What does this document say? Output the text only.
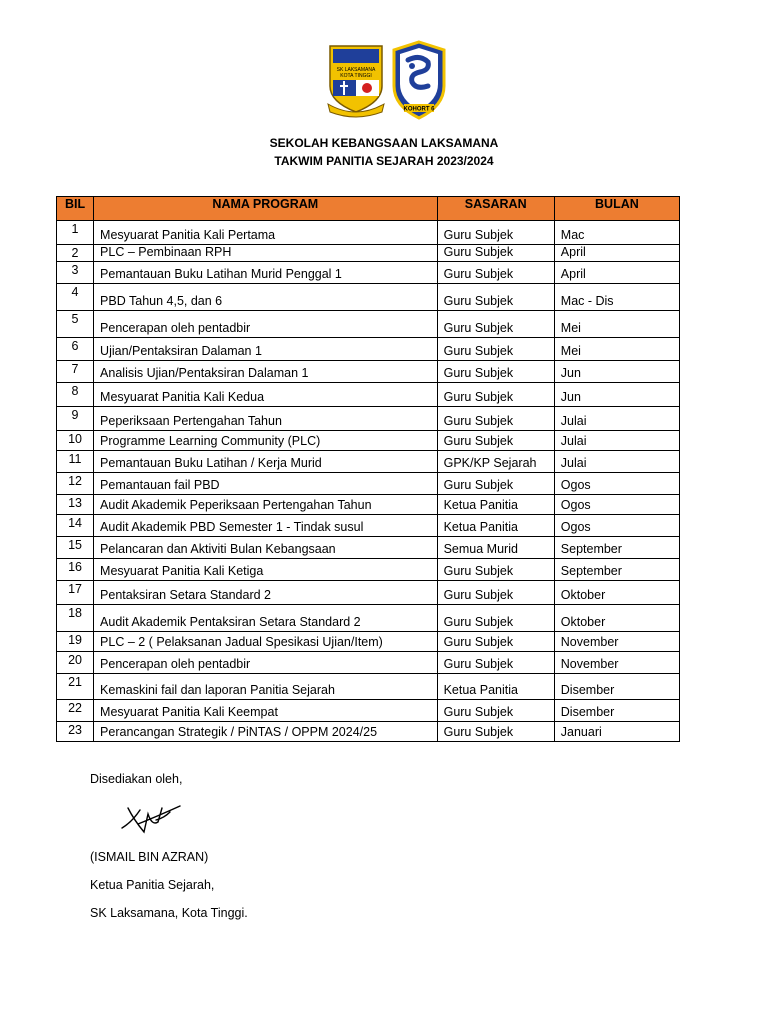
SK LAKSAMANA
KOTA TINGGI
KOHORT 6
SEKOLAH KEBANGSAAN LAKSAMANA
TAKWIM PANITIA SEJARAH 2023/2024
BIL	NAMA PROGRAM	SASARAN	BULAN
1	Mesyuarat Panitia Kali Pertama	Guru Subjek	Mac
2	PLC – Pembinaan RPH	Guru Subjek	April
3	Pemantauan Buku Latihan Murid Penggal 1	Guru Subjek	April
4	PBD Tahun 4,5, dan 6	Guru Subjek	Mac - Dis
5	Pencerapan oleh pentadbir	Guru Subjek	Mei
6	Ujian/Pentaksiran Dalaman 1	Guru Subjek	Mei
7	Analisis Ujian/Pentaksiran Dalaman 1	Guru Subjek	Jun
8	Mesyuarat Panitia Kali Kedua	Guru Subjek	Jun
9	Peperiksaan Pertengahan Tahun	Guru Subjek	Julai
10	Programme Learning Community (PLC)	Guru Subjek	Julai
11	Pemantauan Buku Latihan / Kerja Murid	GPK/KP Sejarah	Julai
12	Pemantauan fail PBD	Guru Subjek	Ogos
13	Audit Akademik Peperiksaan Pertengahan Tahun	Ketua Panitia	Ogos
14	Audit Akademik PBD Semester 1 - Tindak susul	Ketua Panitia	Ogos
15	Pelancaran dan Aktiviti Bulan Kebangsaan	Semua Murid	September
16	Mesyuarat Panitia Kali Ketiga	Guru Subjek	September
17	Pentaksiran Setara Standard 2	Guru Subjek	Oktober
18	Audit Akademik Pentaksiran Setara Standard 2	Guru Subjek	Oktober
19	PLC – 2 ( Pelaksanan Jadual Spesikasi Ujian/Item)	Guru Subjek	November
20	Pencerapan oleh pentadbir	Guru Subjek	November
21	Kemaskini fail dan laporan Panitia Sejarah	Ketua Panitia	Disember
22	Mesyuarat Panitia Kali Keempat	Guru Subjek	Disember
23	Perancangan Strategik / PiNTAS / OPPM 2024/25	Guru Subjek	Januari
Disediakan oleh,
(ISMAIL BIN AZRAN)
Ketua Panitia Sejarah,
SK Laksamana, Kota Tinggi.
